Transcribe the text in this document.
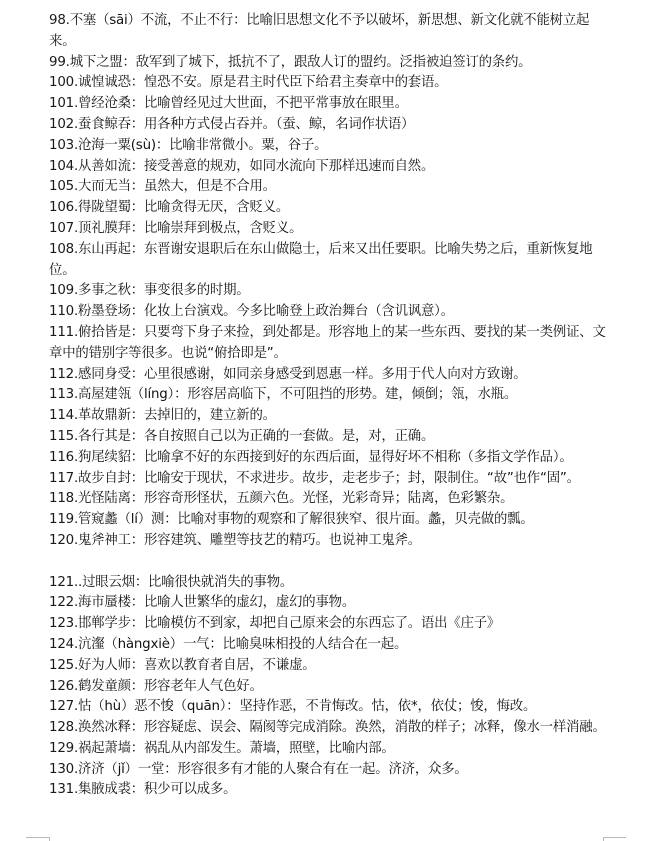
98.不塞（sāi）不流，不止不行：比喻旧思想文化不予以破坏，新思想、新文化就不能树立起来。

99.城下之盟：敌军到了城下，抵抗不了，跟敌人订的盟约。泛指被迫签订的条约。

100.诚惶诚恐：惶恐不安。原是君主时代臣下给君主奏章中的套语。

101.曾经沧桑：比喻曾经见过大世面，不把平常事放在眼里。

102.蚕食鲸吞：用各种方式侵占吞并。（蚕、鲸，名词作状语）

103.沧海一粟(sù)：比喻非常微小。粟，谷子。

104.从善如流：接受善意的规劝，如同水流向下那样迅速而自然。

105.大而无当：虽然大，但是不合用。

106.得陇望蜀：比喻贪得无厌，含贬义。

107.顶礼膜拜：比喻崇拜到极点，含贬义。

108.东山再起：东晋谢安退职后在东山做隐士，后来又出任要职。比喻失势之后，重新恢复地位。

109.多事之秋：事变很多的时期。

110.粉墨登场：化妆上台演戏。今多比喻登上政治舞台（含讥讽意）。

111.俯拾皆是：只要弯下身子来捡，到处都是。形容地上的某一些东西、要找的某一类例证、文章中的错别字等很多。也说“俯拾即是”。

112.感同身受：心里很感谢，如同亲身感受到恩惠一样。多用于代人向对方致谢。

113.高屋建瓴（líng）：形容居高临下，不可阻挡的形势。建，倾倒；瓴，水瓶。

114.革故鼎新：去掉旧的，建立新的。

115.各行其是：各自按照自己以为正确的一套做。是，对，正确。

116.狗尾续貂：比喻拿不好的东西接到好的东西后面，显得好坏不相称（多指文学作品）。

117.故步自封：比喻安于现状，不求进步。故步，走老步子；封，限制住。“故”也作“固”。

118.光怪陆离：形容奇形怪状，五颜六色。光怪，光彩奇异；陆离，色彩繁杂。

119.管窥蠡（lí）测：比喻对事物的观察和了解很狭窄、很片面。蠡，贝壳做的瓢。

120.鬼斧神工：形容建筑、雕塑等技艺的精巧。也说神工鬼斧。

121..过眼云烟：比喻很快就消失的事物。

122.海市蜃楼：比喻人世繁华的虚幻，虚幻的事物。

123.邯郸学步：比喻模仿不到家，却把自己原来会的东西忘了。语出《庄子》

124.沆瀣（hàngxiè）一气：比喻臭味相投的人结合在一起。

125.好为人师：喜欢以教育者自居，不谦虚。

126.鹤发童颜：形容老年人气色好。

127.怙（hù）恶不悛（quān）：坚持作恶，不肯悔改。怙，依*，依仗；悛，悔改。

128.涣然冰释：形容疑虑、误会、隔阂等完成消除。涣然，消散的样子；冰释，像水一样消融。

129.祸起萧墙：祸乱从内部发生。萧墙，照壁，比喻内部。

130.济济（jǐ）一堂：形容很多有才能的人聚合有在一起。济济，众多。

131.集腋成裘：积少可以成多。
